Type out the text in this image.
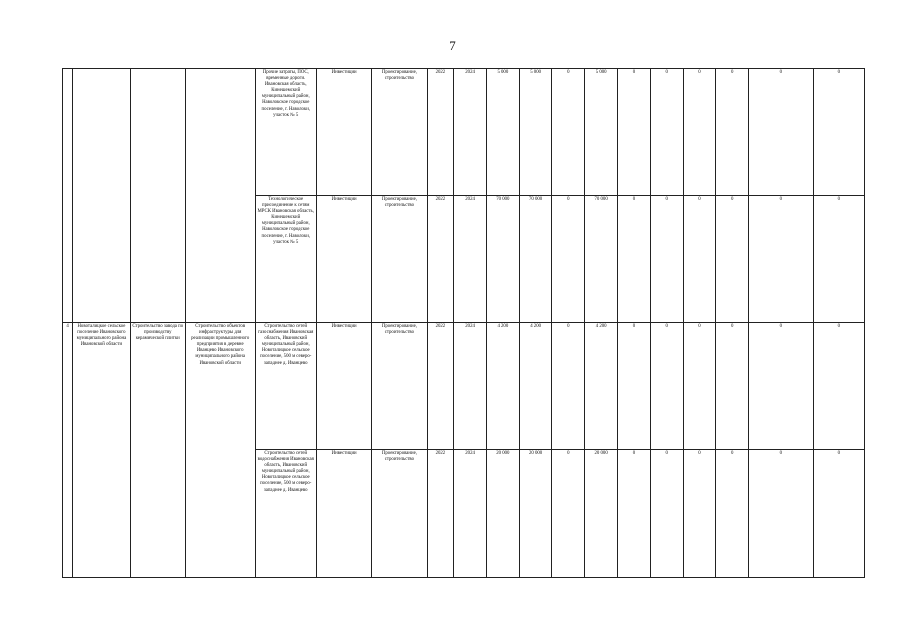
7
				Прочие затраты, ПОС, временные дороги. Ивановская область, Кинешемский муниципальный район, Наволокское городское поселение, г. Наволоки, участок № 5	Инвестиции	Проектирование, строительство	2022	2024	5 000	5 000	0	5 000	0	0	0	0	0	0
				Технологическое присоединение к сетям МРСК Ивановская область, Кинешемский муниципальный район, Наволокское городское поселение, г. Наволоки, участок № 5	Инвестиции	Проектирование, строительство	2022	2024	70 000	70 000	0	70 000	0	0	0	0	0	0
4	Новоталицкое сельское поселение Ивановского муниципального района Ивановской области	Строительство завода по производству керамической плитки	Строительство объектов инфраструктуры для реализации промышленного предприятия в деревне Иванцево Ивановского муниципального района Ивановской области	Строительство сетей газоснабжения Ивановская область, Ивановский муниципальный район, Новоталицкое сельское поселение, 500 м северо-западнее д. Иванцево	Инвестиции	Проектирование, строительство	2022	2024	4 200	4 200	0	4 200	0	0	0	0	0	0
				Строительство сетей водоснабжения Ивановская область, Ивановский муниципальный район, Новоталицкое сельское поселение, 500 м северо-западнее д. Иванцево	Инвестиции	Проектирование, строительство	2022	2024	20 000	20 000	0	20 000	0	0	0	0	0	0
